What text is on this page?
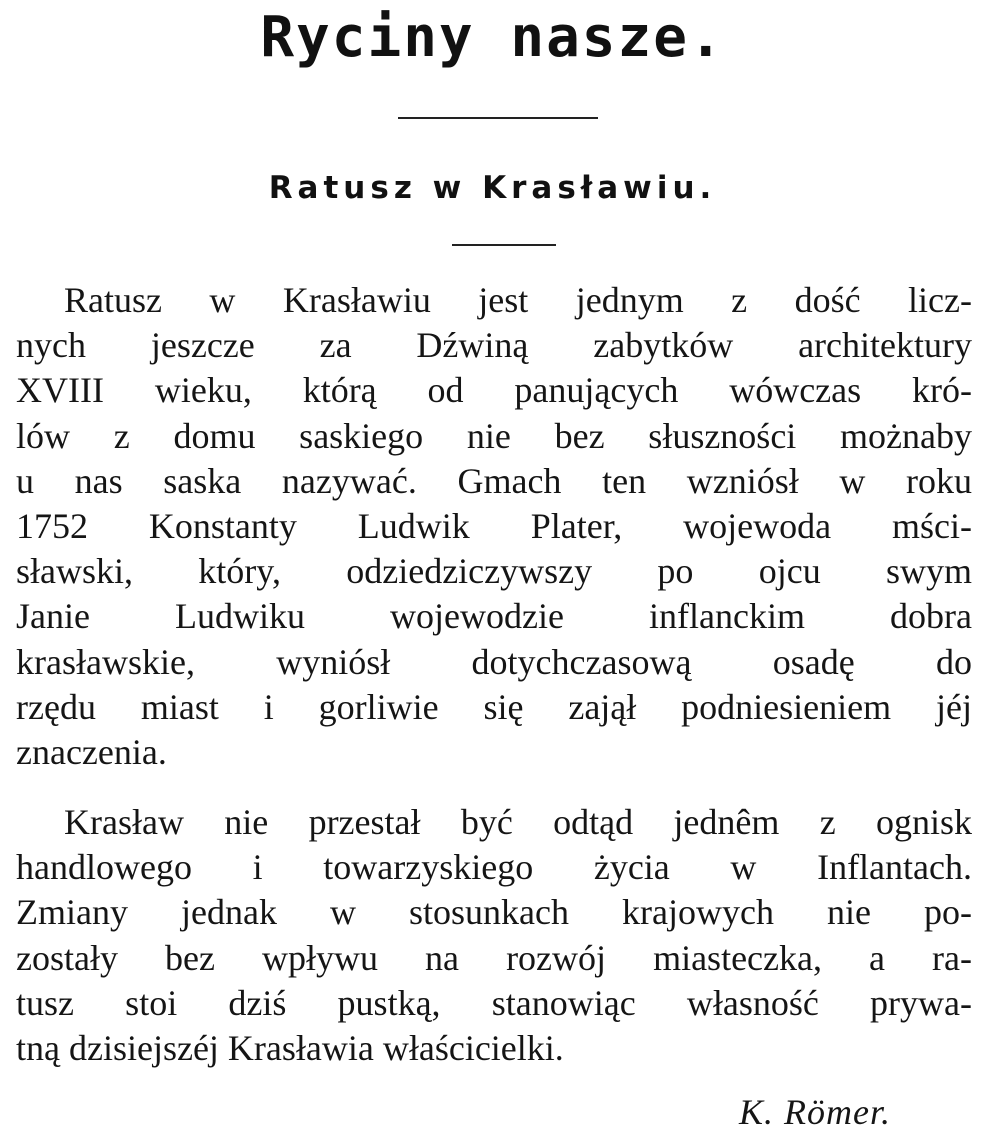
Ryciny nasze.
Ratusz w Krasławiu.
Ratusz w Krasławiu jest jednym z dość licz-
nych jeszcze za Dźwiną zabytków architektury
XVIII wieku, którą od panujących wówczas kró-
lów z domu saskiego nie bez słuszności możnaby
u nas saska nazywać. Gmach ten wzniósł w roku
1752 Konstanty Ludwik Plater, wojewoda mści-
sławski, który, odziedziczywszy po ojcu swym
Janie Ludwiku wojewodzie inflanckim dobra
krasławskie, wyniósł dotychczasową osadę do
rzędu miast i gorliwie się zajął podniesieniem jéj
znaczenia.
Krasław nie przestał być odtąd jednêm z ognisk
handlowego i towarzyskiego życia w Inflantach.
Zmiany jednak w stosunkach krajowych nie po-
zostały bez wpływu na rozwój miasteczka, a ra-
tusz stoi dziś pustką, stanowiąc własność prywa-
tną dzisiejszéj Krasławia właścicielki.
K. Römer.
